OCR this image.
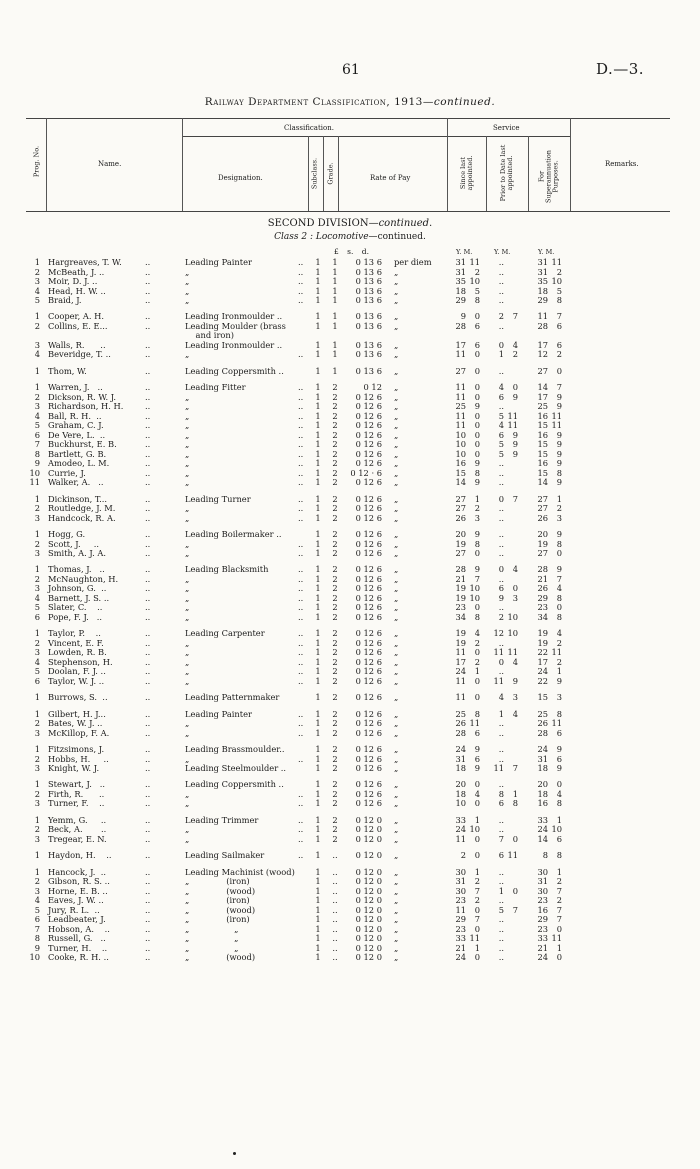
61	D.—3.
Railway Department Classification, 1913—continued.
Prog. No.	Name.
Classification.
Designation.	Subclass. Grade.	Rate of Pay
Service
Since last appointed.	Prior to Date last appointed.	For Superannuation Purposes.	Remarks.
SECOND DIVISION—continued.
Class 2 : Locomotive—continued.
£ s. d.	Y. M.	Y. M.	Y. M.
1 Hargreaves, T. W.	..	Leading Painter	.. 1 1	0 13 6 per diem	31 11	..	31 11
2 McBeath, J. ..	..	„	.. 1 1	0 13 6 „	31	2	..	31	2
3 Moir, D. J. ..	..	„	.. 1 1	0 13 6 „	35 10	..	35 10
4 Head, H. W. ..	..	„	.. 1 1	0 13 6 „	18	5	..	18	5
5 Braid, J.	..	„	.. 1 1	0 13 6 „	29	8	..	29	8
1 Cooper, A. H.	..	Leading Ironmoulder ..	1 1	0 13 6 „	9	0	2	7	11	7
2 Collins, E. E...	..	Leading Moulder (brass	1 1	0 13 6 „	28	6	..	28	6
and iron)
3 Walls, R.      ..	..	Leading Ironmoulder ..	1 1	0 13 6 „	17	6	0	4	17	6
4 Beveridge, T. ..	..	„	.. 1 1	0 13 6 „	11	0	1	2	12	2
1 Thom, W.	..	Leading Coppersmith ..	1 1	0 13 6 „	27	0	..	27	0
1 Warren, J.   ..	..	Leading Fitter	.. 1 2	0 12 „	11	0	4	0	14	7
2 Dickson, R. W. J.	..	„	.. 1 2	0 12 6 „	11	0	6	9	17	9
3 Richardson, H. H.	..	„	.. 1 2	0 12 6 „	25	9	..	25	9
4 Ball, R. H.  ..	..	„	.. 1 2	0 12 6 „	11	0	5 11	16 11
5 Graham, C. J.	..	„	.. 1 2	0 12 6 „	11	0	4 11	15 11
6 De Vere, L.  ..	..	„	.. 1 2	0 12 6 „	10	0	6	9	16	9
7 Buckhurst, E. B.	..	„	.. 1 2	0 12 6 „	10	0	5	9	15	9
8 Bartlett, G. B.	..	„	.. 1 2	0 12 6 „	10	0	5	9	15	9
9 Amodeo, L. M.	..	„	.. 1 2	0 12 6 „	16	9	..	16	9
10 Currie, J.	..	„	.. 1 2	0 12 · 6 „	15	8	..	15	8
11 Walker, A.   ..	..	„	.. 1 2	0 12 6 „	14	9	..	14	9
1 Dickinson, T...	..	Leading Turner	.. 1 2	0 12 6 „	27	1	0	7	27	1
2 Routledge, J. M.	..	„	.. 1 2	0 12 6 „	27	2	..	27	2
3 Handcock, R. A.	..	„	.. 1 2	0 12 6 „	26	3	..	26	3
1 Hogg, G.	..	Leading Boilermaker ..	1 2	0 12 6 „	20	9	..	20	9
2 Scott, J.     ..	..	„	.. 1 2	0 12 6 „	19	8	..	19	8
3 Smith, A. J. A.	..	„	.. 1 2	0 12 6 „	27	0	..	27	0
1 Thomas, J.   ..	..	Leading Blacksmith	.. 1 2	0 12 6 „	28	9	0	4	28	9
2 McNaughton, H.	..	„	.. 1 2	0 12 6 „	21	7	..	21	7
3 Johnson, G.  ..	..	„	.. 1 2	0 12 6 „	19 10	6	0	26	4
4 Barnett, J. S. ..	..	„	.. 1 2	0 12 6 „	19 10	9	3	29	8
5 Slater, C.    ..	..	„	.. 1 2	0 12 6 „	23	0	..	23	0
6 Pope, F. J.   ..	..	„	.. 1 2	0 12 6 „	34	8	2 10	34	8
1 Taylor, P.    ..	..	Leading Carpenter	.. 1 2	0 12 6 „	19	4	12 10	19	4
2 Vincent, E. F.	..	„	.. 1 2	0 12 6 „	19	2	..	19	2
3 Lowden, R. B.	..	„	.. 1 2	0 12 6 „	11	0	11 11	22 11
4 Stephenson, H.	..	„	.. 1 2	0 12 6 „	17	2	0	4	17	2
5 Doolan, F. J. ..	..	„	.. 1 2	0 12 6 „	24	1	..	24	1
6 Taylor, W. J. ..	..	„	.. 1 2	0 12 6 „	11	0	11	9	22	9
1 Burrows, S.  ..	..	Leading Patternmaker	1 2	0 12 6 „	11	0	4	3	15	3
1 Gilbert, H. J...	..	Leading Painter	.. 1 2	0 12 6 „	25	8	1	4	25	8
2 Bates, W. J. ..	..	„	.. 1 2	0 12 6 „	26 11	..	26 11
3 McKillop, F. A.	..	„	.. 1 2	0 12 6 „	28	6	..	28	6
1 Fitzsimons, J.	..	Leading Brassmoulder..	1 2	0 12 6 „	24	9	..	24	9
2 Hobbs, H.     ..	..	„	.. 1 2	0 12 6 „	31	6	..	31	6
3 Knight, W. J.	..	Leading Steelmoulder ..	1 2	0 12 6 „	18	9	11	7	18	9
1 Stewart, J.   ..	..	Leading Coppersmith ..	1 2	0 12 6 „	20	0	..	20	0
2 Firth, R.      ..	..	„	.. 1 2	0 12 6 „	18	4	8	1	18	4
3 Turner, F.    ..	..	„	.. 1 2	0 12 6 „	10	0	6	8	16	8
1 Yemm, G.     ..	..	Leading Trimmer	.. 1 2	0 12 0 „	33	1	..	33	1
2 Beck, A.       ..	..	„	.. 1 2	0 12 0 „	24 10	..	24 10
3 Tregear, E. N.	..	„	.. 1 2	0 12 0 „	11	0	7	0	14	6
1 Haydon, H.    ..	..	Leading Sailmaker	.. 1 ..	0 12 0 „	2	0	6 11	8	8
1 Hancock, J.  ..	..	Leading Machinist (wood) 1 ..	0 12 0 „	30	1	..	30	1
2 Gibson, R. S. ..	..	„              (iron)	1 ..	0 12 0 „	31	2	..	31	2
3 Horne, E. B. ..	..	„              (wood)	1 ..	0 12 0 „	30	7	1	0	30	7
4 Eaves, J. W. ..	..	„              (iron)	1 ..	0 12 0 „	23	2	..	23	2
5 Jury, R. L.  ..	..	„              (wood)	1 ..	0 12 0 „	11	0	5	7	16	7
6 Leadbeater, J.	..	„              (iron)	1 ..	0 12 0 „	29	7	..	29	7
7 Hobson, A.    ..	..	„                 „	1 ..	0 12 0 „	23	0	..	23	0
8 Russell, G.   ..	..	„                 „	1 ..	0 12 0 „	33 11	..	33 11
9 Turner, H.    ..	..	„                 „	1 ..	0 12 0 „	21	1	..	21	1
10 Cooke, R. H. ..	..	„              (wood)	1 ..	0 12 0 „	24	0	..	24	0
